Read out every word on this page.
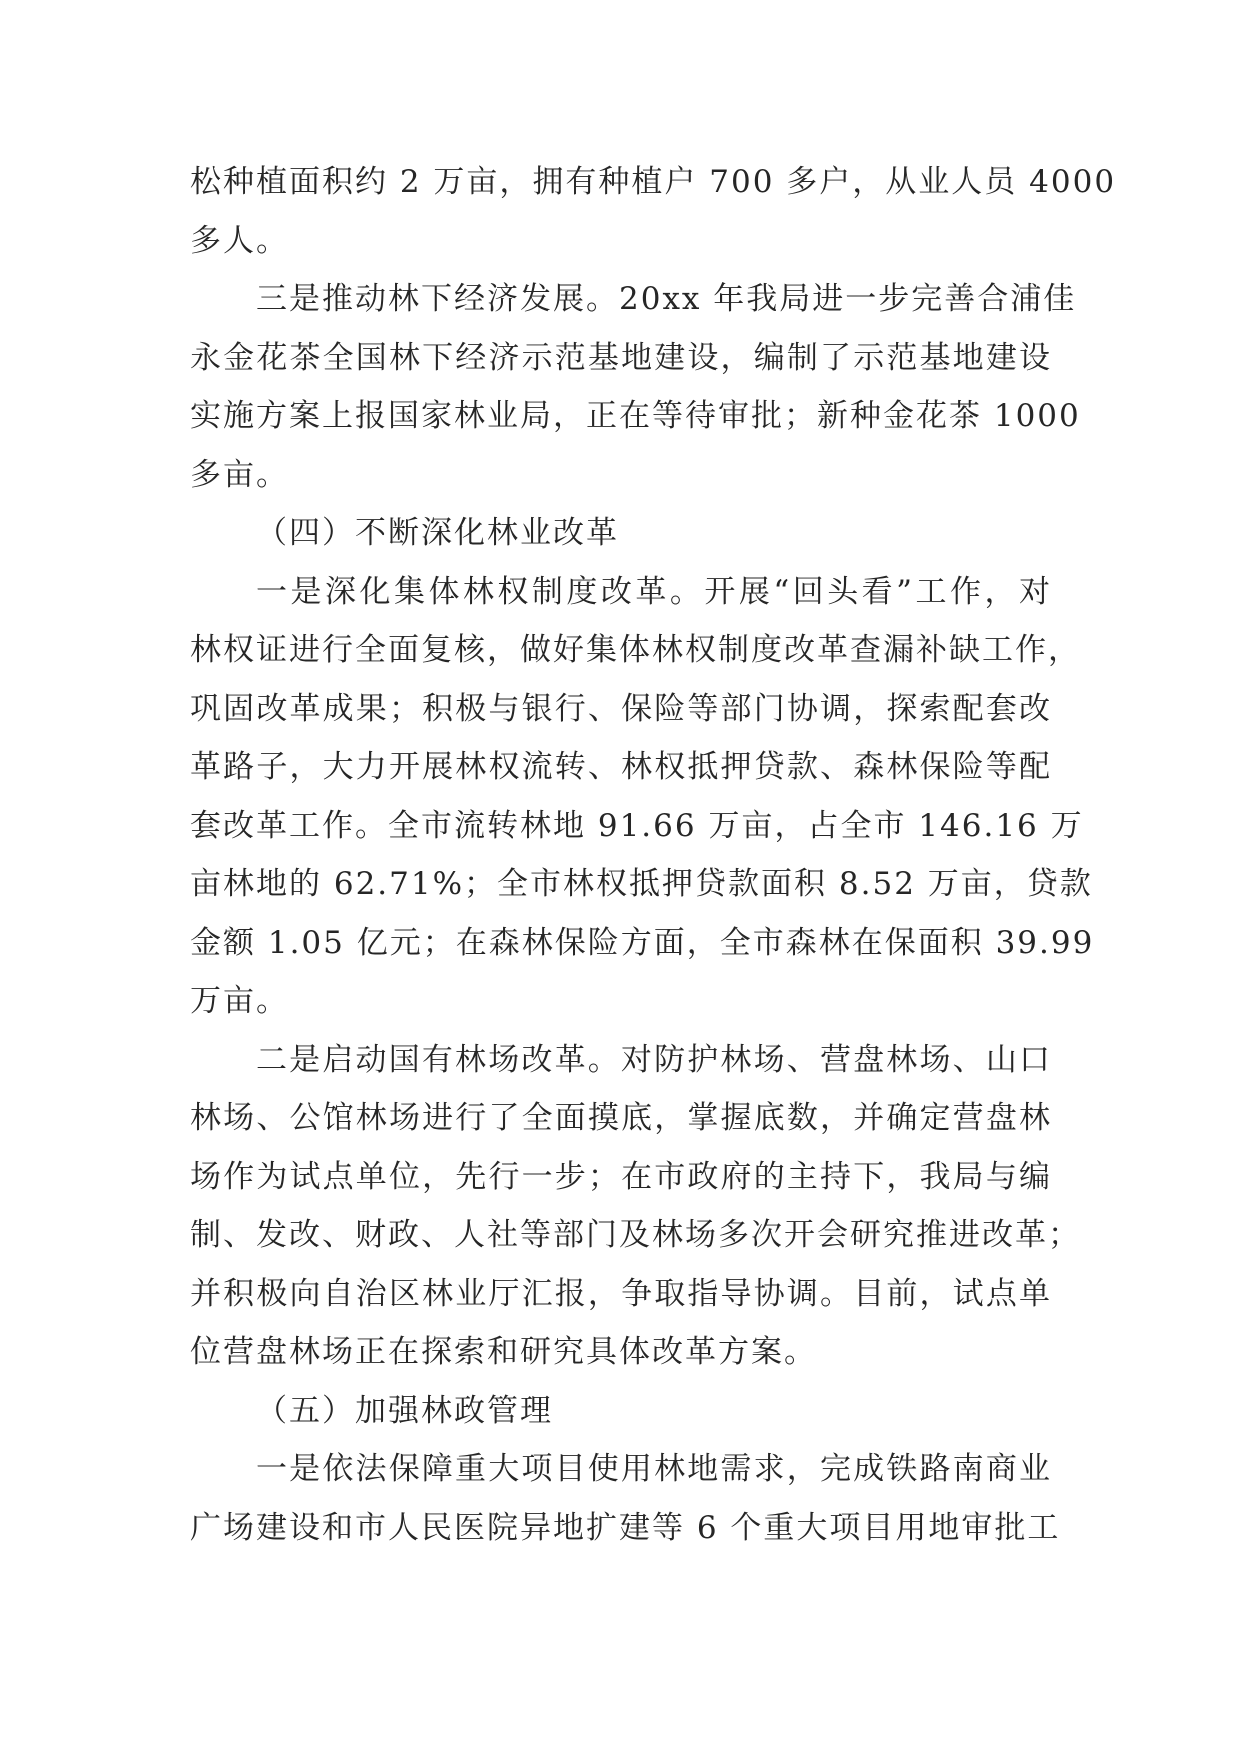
松种植面积约 2 万亩，拥有种植户 700 多户，从业人员 4000
多人。
三是推动林下经济发展。20xx 年我局进一步完善合浦佳
永金花茶全国林下经济示范基地建设，编制了示范基地建设
实施方案上报国家林业局，正在等待审批；新种金花茶 1000
多亩。
（四）不断深化林业改革
一是深化集体林权制度改革。开展“回头看”工作，对
林权证进行全面复核，做好集体林权制度改革查漏补缺工作，
巩固改革成果；积极与银行、保险等部门协调，探索配套改
革路子，大力开展林权流转、林权抵押贷款、森林保险等配
套改革工作。全市流转林地 91.66 万亩，占全市 146.16 万
亩林地的 62.71%；全市林权抵押贷款面积 8.52 万亩，贷款
金额 1.05 亿元；在森林保险方面，全市森林在保面积 39.99
万亩。
二是启动国有林场改革。对防护林场、营盘林场、山口
林场、公馆林场进行了全面摸底，掌握底数，并确定营盘林
场作为试点单位，先行一步；在市政府的主持下，我局与编
制、发改、财政、人社等部门及林场多次开会研究推进改革；
并积极向自治区林业厅汇报，争取指导协调。目前，试点单
位营盘林场正在探索和研究具体改革方案。
（五）加强林政管理
一是依法保障重大项目使用林地需求，完成铁路南商业
广场建设和市人民医院异地扩建等 6 个重大项目用地审批工
